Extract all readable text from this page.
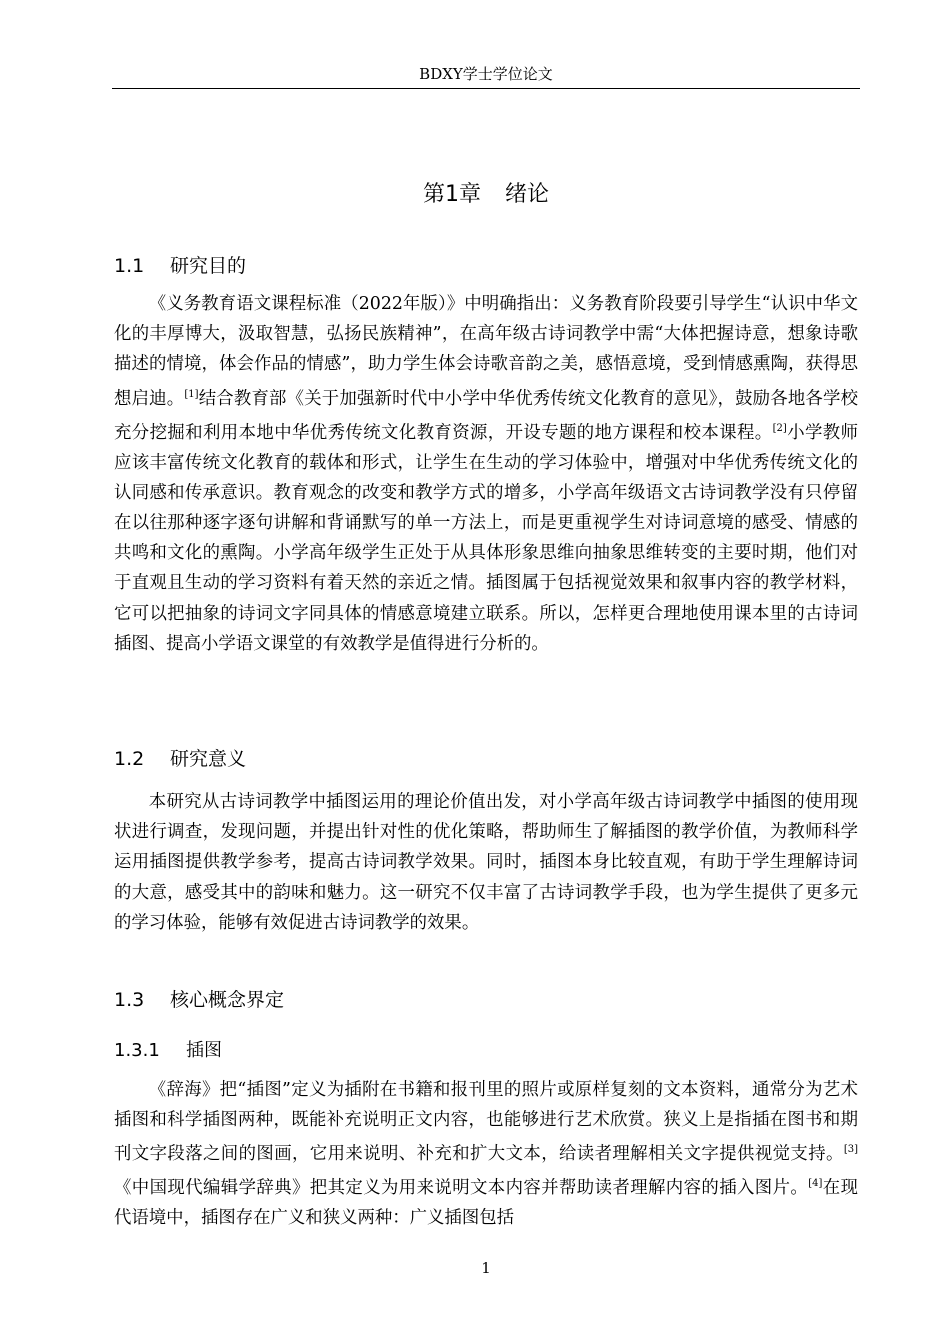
BDXY学士学位论文
第1章 绪论
1.1 研究目的

《义务教育语文课程标准（2022年版）》中明确指出：义务教育阶段要引导学生“认识中华文化的丰厚博大，汲取智慧，弘扬民族精神”，在高年级古诗词教学中需“大体把握诗意，想象诗歌描述的情境，体会作品的情感”，助力学生体会诗歌音韵之美，感悟意境，受到情感熏陶，获得思想启迪。[1]结合教育部《关于加强新时代中小学中华优秀传统文化教育的意见》，鼓励各地各学校充分挖掘和利用本地中华优秀传统文化教育资源，开设专题的地方课程和校本课程。[2]小学教师应该丰富传统文化教育的载体和形式，让学生在生动的学习体验中，增强对中华优秀传统文化的认同感和传承意识。教育观念的改变和教学方式的增多，小学高年级语文古诗词教学没有只停留在以往那种逐字逐句讲解和背诵默写的单一方法上，而是更重视学生对诗词意境的感受、情感的共鸣和文化的熏陶。小学高年级学生正处于从具体形象思维向抽象思维转变的主要时期，他们对于直观且生动的学习资料有着天然的亲近之情。插图属于包括视觉效果和叙事内容的教学材料，它可以把抽象的诗词文字同具体的情感意境建立联系。所以，怎样更合理地使用课本里的古诗词插图、提高小学语文课堂的有效教学是值得进行分析的。

1.2 研究意义

本研究从古诗词教学中插图运用的理论价值出发，对小学高年级古诗词教学中插图的使用现状进行调查，发现问题，并提出针对性的优化策略，帮助师生了解插图的教学价值，为教师科学运用插图提供教学参考，提高古诗词教学效果。同时，插图本身比较直观，有助于学生理解诗词的大意，感受其中的韵味和魅力。这一研究不仅丰富了古诗词教学手段，也为学生提供了更多元的学习体验，能够有效促进古诗词教学的效果。

1.3 核心概念界定
1.3.1 插图

《辞海》把“插图”定义为插附在书籍和报刊里的照片或原样复刻的文本资料，通常分为艺术插图和科学插图两种，既能补充说明正文内容，也能够进行艺术欣赏。狭义上是指插在图书和期刊文字段落之间的图画，它用来说明、补充和扩大文本，给读者理解相关文字提供视觉支持。[3]《中国现代编辑学辞典》把其定义为用来说明文本内容并帮助读者理解内容的插入图片。[4]在现代语境中，插图存在广义和狭义两种：广义插图包括

1
